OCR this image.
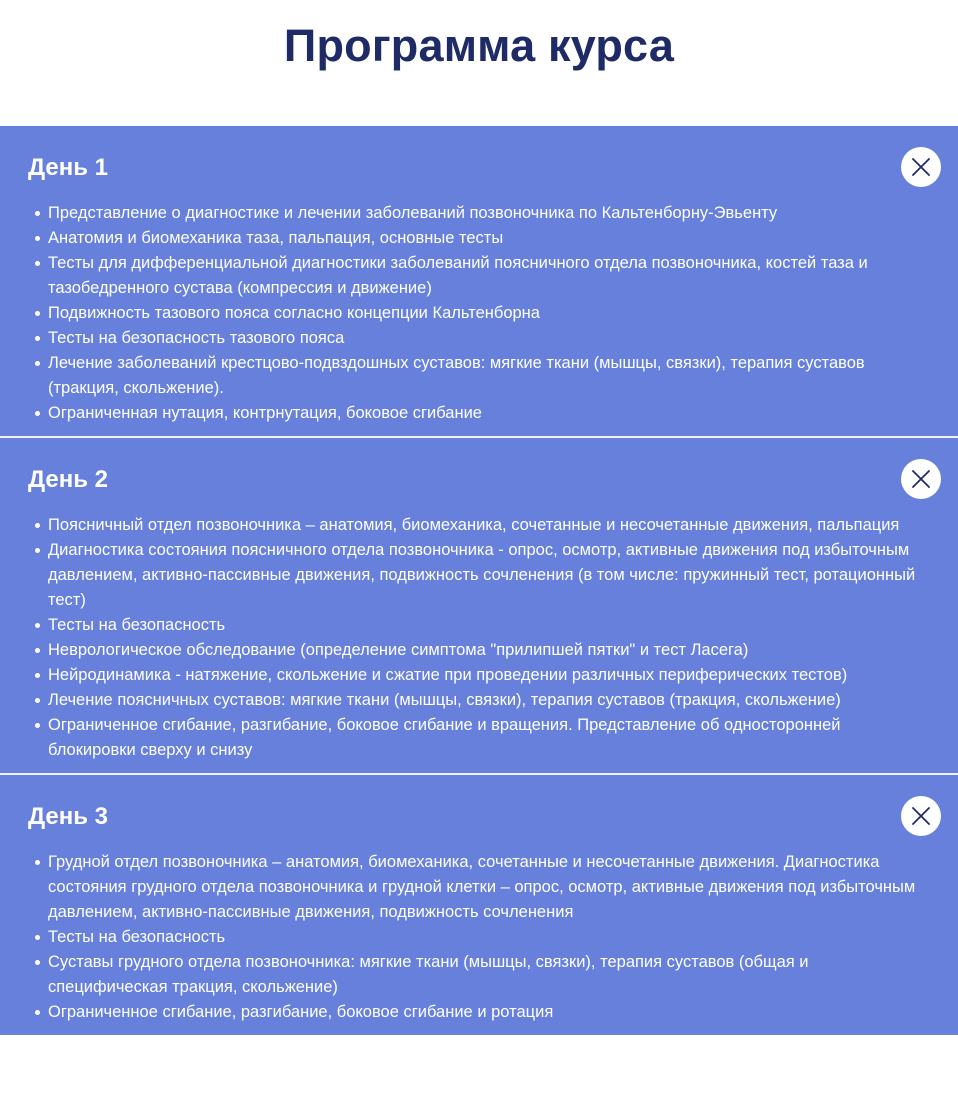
Программа курса
День 1
Представление о диагностике и лечении заболеваний позвоночника по Кальтенборну-Эвьенту
Анатомия и биомеханика таза, пальпация, основные тесты
Тесты для дифференциальной диагностики заболеваний поясничного отдела позвоночника, костей таза и тазобедренного сустава (компрессия и движение)
Подвижность тазового пояса согласно концепции Кальтенборна
Тесты на безопасность тазового пояса
Лечение заболеваний крестцово-подвздошных суставов: мягкие ткани (мышцы, связки), терапия суставов (тракция, скольжение).
Ограниченная нутация, контрнутация, боковое сгибание
День 2
Поясничный отдел позвоночника – анатомия, биомеханика, сочетанные и несочетанные движения, пальпация
Диагностика состояния поясничного отдела позвоночника - опрос, осмотр, активные движения под избыточным давлением, активно-пассивные движения, подвижность сочленения (в том числе: пружинный тест, ротационный тест)
Тесты на безопасность
Неврологическое обследование (определение симптома "прилипшей пятки" и тест Ласега)
Нейродинамика - натяжение, скольжение и сжатие при проведении различных периферических тестов)
Лечение поясничных суставов: мягкие ткани (мышцы, связки), терапия суставов (тракция, скольжение)
Ограниченное сгибание, разгибание, боковое сгибание и вращения. Представление об односторонней блокировки сверху и снизу
День 3
Грудной отдел позвоночника – анатомия, биомеханика, сочетанные и несочетанные движения. Диагностика состояния грудного отдела позвоночника и грудной клетки – опрос, осмотр, активные движения под избыточным давлением, активно-пассивные движения, подвижность сочленения
Тесты на безопасность
Суставы грудного отдела позвоночника: мягкие ткани (мышцы, связки), терапия суставов (общая и специфическая тракция, скольжение)
Ограниченное сгибание, разгибание, боковое сгибание и ротация
